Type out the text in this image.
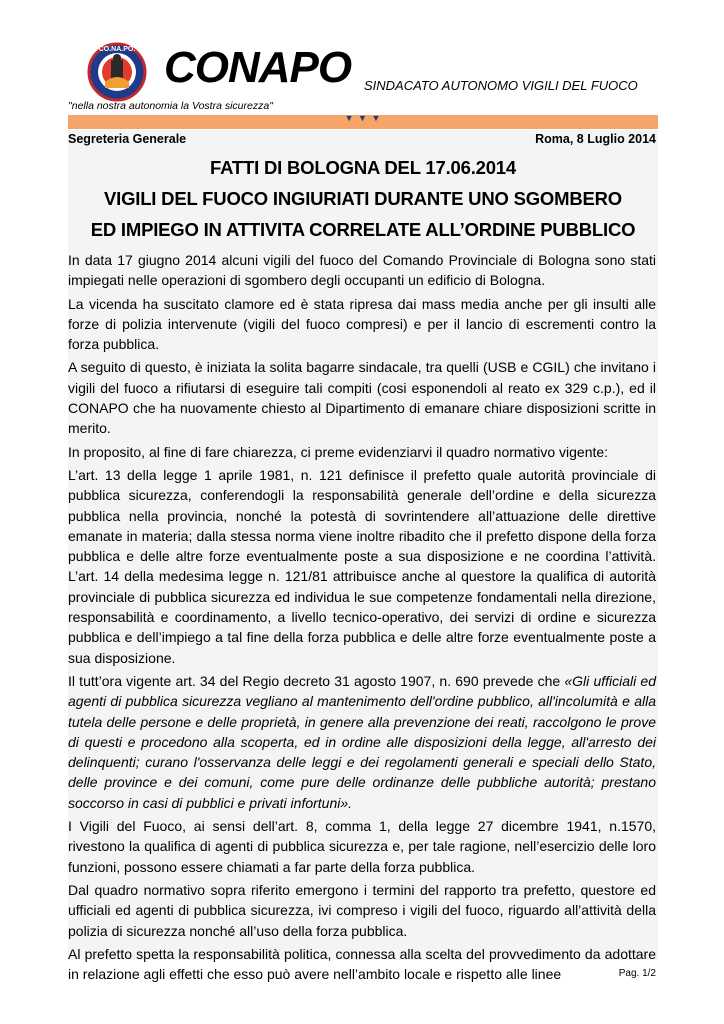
CO.NA.PO. CONAPO SINDACATO AUTONOMO VIGILI DEL FUOCO
"nella nostra autonomia la Vostra sicurezza"
▼ ▼ ▼
Segreteria Generale	Roma, 8 Luglio 2014
FATTI DI BOLOGNA DEL 17.06.2014
VIGILI DEL FUOCO INGIURIATI DURANTE UNO SGOMBERO
ED IMPIEGO IN ATTIVITA CORRELATE ALL’ORDINE PUBBLICO

In data 17 giugno 2014 alcuni vigili del fuoco del Comando Provinciale di Bologna sono stati impiegati nelle operazioni di sgombero degli occupanti un edificio di Bologna.

La vicenda ha suscitato clamore ed è stata ripresa dai mass media anche per gli insulti alle forze di polizia intervenute (vigili del fuoco compresi) e per il lancio di escrementi contro la forza pubblica.

A seguito di questo, è iniziata la solita bagarre sindacale, tra quelli (USB e CGIL) che invitano i vigili del fuoco a rifiutarsi di eseguire tali compiti (cosi esponendoli al reato ex 329 c.p.), ed il CONAPO che ha nuovamente chiesto al Dipartimento di emanare chiare disposizioni scritte in merito.

In proposito, al fine di fare chiarezza, ci preme evidenziarvi il quadro normativo vigente:

L’art. 13 della legge 1 aprile 1981, n. 121 definisce il prefetto quale autorità provinciale di pubblica sicurezza, conferendogli la responsabilità generale dell’ordine e della sicurezza pubblica nella provincia, nonché la potestà di sovrintendere all’attuazione delle direttive emanate in materia; dalla stessa norma viene inoltre ribadito che il prefetto dispone della forza pubblica e delle altre forze eventualmente poste a sua disposizione e ne coordina l’attività. L’art. 14 della medesima legge n. 121/81 attribuisce anche al questore la qualifica di autorità provinciale di pubblica sicurezza ed individua le sue competenze fondamentali nella direzione, responsabilità e coordinamento, a livello tecnico-operativo, dei servizi di ordine e sicurezza pubblica e dell’impiego a tal fine della forza pubblica e delle altre forze eventualmente poste a sua disposizione.

Il tutt’ora vigente art. 34 del Regio decreto 31 agosto 1907, n. 690 prevede che «Gli ufficiali ed agenti di pubblica sicurezza vegliano al mantenimento dell'ordine pubblico, all'incolumità e alla tutela delle persone e delle proprietà, in genere alla prevenzione dei reati, raccolgono le prove di questi e procedono alla scoperta, ed in ordine alle disposizioni della legge, all'arresto dei delinquenti; curano l'osservanza delle leggi e dei regolamenti generali e speciali dello Stato, delle province e dei comuni, come pure delle ordinanze delle pubbliche autorità; prestano soccorso in casi di pubblici e privati infortuni».

I Vigili del Fuoco, ai sensi dell’art. 8, comma 1, della legge 27 dicembre 1941, n.1570, rivestono la qualifica di agenti di pubblica sicurezza e, per tale ragione, nell’esercizio delle loro funzioni, possono essere chiamati a far parte della forza pubblica.

Dal quadro normativo sopra riferito emergono i termini del rapporto tra prefetto, questore ed ufficiali ed agenti di pubblica sicurezza, ivi compreso i vigili del fuoco, riguardo all’attività della polizia di sicurezza nonché all’uso della forza pubblica.

Al prefetto spetta la responsabilità politica, connessa alla scelta del provvedimento da adottare in relazione agli effetti che esso può avere nell’ambito locale e rispetto alle linee	Pag. 1/2
